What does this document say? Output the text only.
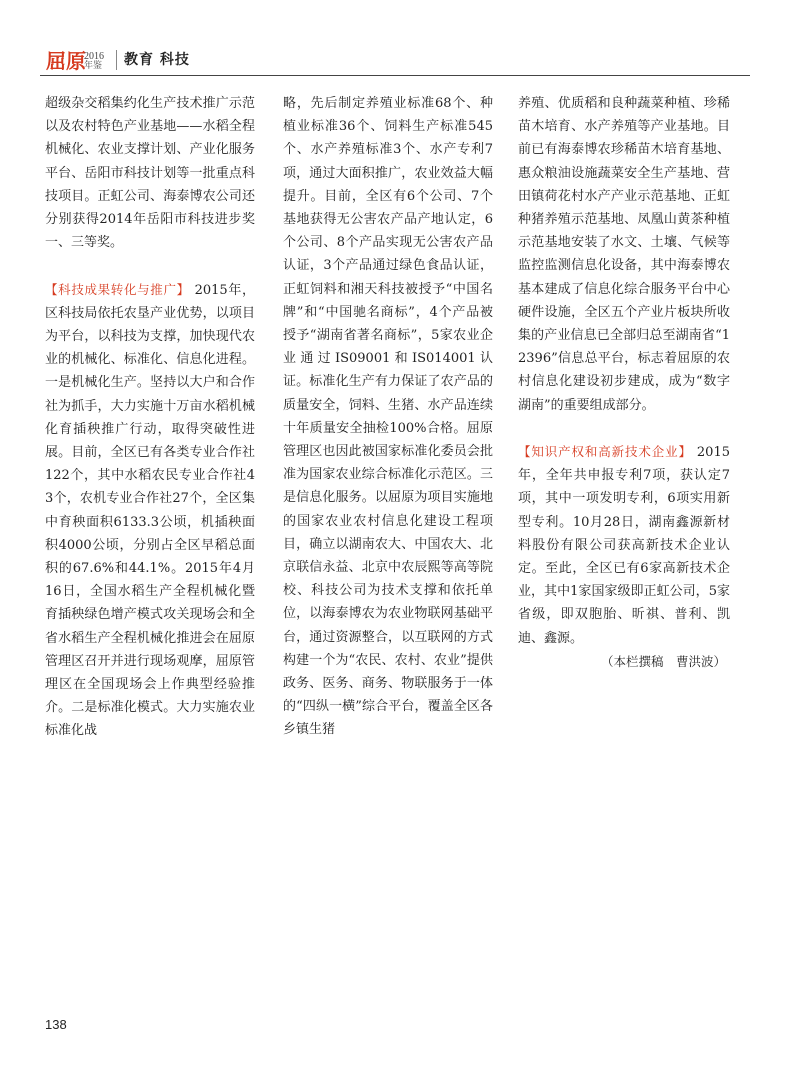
屈原
2016
年鉴 教育 科技

超级杂交稻集约化生产技术推广示范以及农村特色产业基地——水稻全程机械化、农业支撑计划、产业化服务平台、岳阳市科技计划等一批重点科技项目。正虹公司、海泰博农公司还分别获得2014年岳阳市科技进步奖一、三等奖。

【科技成果转化与推广】 2015年，区科技局依托农垦产业优势，以项目为平台，以科技为支撑，加快现代农业的机械化、标准化、信息化进程。一是机械化生产。坚持以大户和合作社为抓手，大力实施十万亩水稻机械化育插秧推广行动，取得突破性进展。目前，全区已有各类专业合作社122个，其中水稻农民专业合作社43个，农机专业合作社27个，全区集中育秧面积6133.3公顷，机插秧面积4000公顷，分别占全区早稻总面积的67.6%和44.1%。2015年4月16日，全国水稻生产全程机械化暨育插秧绿色增产模式攻关现场会和全省水稻生产全程机械化推进会在屈原管理区召开并进行现场观摩，屈原管理区在全国现场会上作典型经验推介。二是标准化模式。大力实施农业标准化战

略，先后制定养殖业标准68个、种植业标准36个、饲料生产标准545个、水产养殖标准3个、水产专利7项，通过大面积推广，农业效益大幅提升。目前，全区有6个公司、7个基地获得无公害农产品产地认定，6个公司、8个产品实现无公害农产品认证，3个产品通过绿色食品认证，正虹饲料和湘天科技被授予“中国名牌”和“中国驰名商标”，4个产品被授予“湖南省著名商标”，5家农业企业通过IS09001和IS014001认证。标准化生产有力保证了农产品的质量安全，饲料、生猪、水产品连续十年质量安全抽检100%合格。屈原管理区也因此被国家标准化委员会批准为国家农业综合标准化示范区。三是信息化服务。以屈原为项目实施地的国家农业农村信息化建设工程项目，确立以湖南农大、中国农大、北京联信永益、北京中农辰熙等高等院校、科技公司为技术支撑和依托单位，以海泰博农为农业物联网基础平台，通过资源整合，以互联网的方式构建一个为“农民、农村、农业”提供政务、医务、商务、物联服务于一体的“四纵一横”综合平台，覆盖全区各乡镇生猪

养殖、优质稻和良种蔬菜种植、珍稀苗木培育、水产养殖等产业基地。目前已有海泰博农珍稀苗木培育基地、惠众粮油设施蔬菜安全生产基地、营田镇荷花村水产产业示范基地、正虹种猪养殖示范基地、凤凰山黄茶种植示范基地安装了水文、土壤、气候等监控监测信息化设备，其中海泰博农基本建成了信息化综合服务平台中心硬件设施，全区五个产业片板块所收集的产业信息已全部归总至湖南省“12396”信息总平台，标志着屈原的农村信息化建设初步建成，成为“数字湖南”的重要组成部分。

【知识产权和高新技术企业】 2015年，全年共申报专利7项，获认定7项，其中一项发明专利，6项实用新型专利。10月28日，湖南鑫源新材料股份有限公司获高新技术企业认定。至此，全区已有6家高新技术企业，其中1家国家级即正虹公司，5家省级，即双胞胎、昕祺、普利、凯迪、鑫源。

（本栏撰稿　曹洪波）

138
